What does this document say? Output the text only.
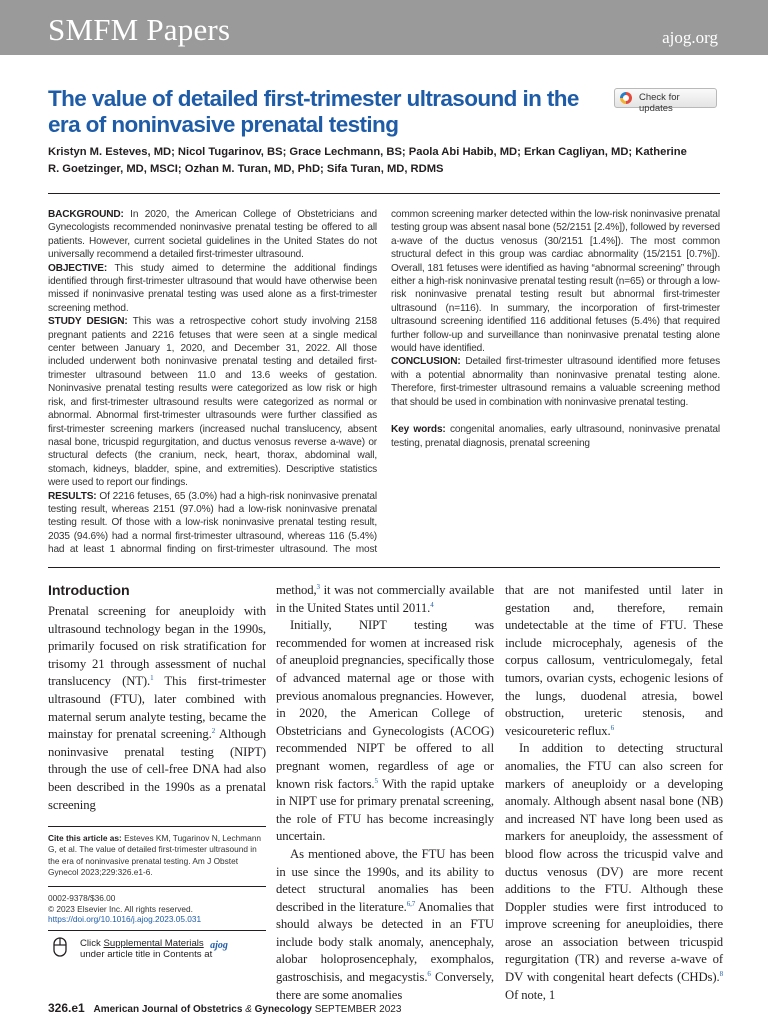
SMFM Papers	ajog.org
The value of detailed first-trimester ultrasound in the era of noninvasive prenatal testing
Check for updates

Kristyn M. Esteves, MD; Nicol Tugarinov, BS; Grace Lechmann, BS; Paola Abi Habib, MD; Erkan Cagliyan, MD; Katherine R. Goetzinger, MD, MSCI; Ozhan M. Turan, MD, PhD; Sifa Turan, MD, RDMS

BACKGROUND: In 2020, the American College of Obstetricians and Gynecologists recommended noninvasive prenatal testing be offered to all patients. However, current societal guidelines in the United States do not universally recommend a detailed first-trimester ultrasound.

OBJECTIVE: This study aimed to determine the additional findings identified through first-trimester ultrasound that would have otherwise been missed if noninvasive prenatal testing was used alone as a first-trimester screening method.

STUDY DESIGN: This was a retrospective cohort study involving 2158 pregnant patients and 2216 fetuses that were seen at a single medical center between January 1, 2020, and December 31, 2022. All those included underwent both noninvasive prenatal testing and detailed first-trimester ultrasound between 11.0 and 13.6 weeks of gestation. Noninvasive prenatal testing results were categorized as low risk or high risk, and first-trimester ultrasound results were categorized as normal or abnormal. Abnormal first-trimester ultrasounds were further classified as first-trimester screening markers (increased nuchal translucency, absent nasal bone, tricuspid regurgitation, and ductus venosus reverse a-wave) or structural defects (the cranium, neck, heart, thorax, abdominal wall, stomach, kidneys, bladder, spine, and extremities). Descriptive statistics were used to report our findings.

RESULTS: Of 2216 fetuses, 65 (3.0%) had a high-risk noninvasive prenatal testing result, whereas 2151 (97.0%) had a low-risk noninvasive prenatal testing result. Of those with a low-risk noninvasive prenatal testing result, 2035 (94.6%) had a normal first-trimester ultrasound, whereas 116 (5.4%) had at least 1 abnormal finding on first-trimester ultrasound. The most common screening marker detected within the low-risk noninvasive prenatal testing group was absent nasal bone (52/2151 [2.4%]), followed by reversed a-wave of the ductus venosus (30/2151 [1.4%]). The most common structural defect in this group was cardiac abnormality (15/2151 [0.7%]). Overall, 181 fetuses were identified as having “abnormal screening” through either a high-risk noninvasive prenatal testing result (n=65) or through a low-risk noninvasive prenatal testing result but abnormal first-trimester ultrasound (n=116). In summary, the incorporation of first-trimester ultrasound screening identified 116 additional fetuses (5.4%) that required further follow-up and surveillance than noninvasive prenatal testing alone would have identified.

CONCLUSION: Detailed first-trimester ultrasound identified more fetuses with a potential abnormality than noninvasive prenatal testing alone. Therefore, first-trimester ultrasound remains a valuable screening method that should be used in combination with noninvasive prenatal testing.

Key words: congenital anomalies, early ultrasound, noninvasive prenatal testing, prenatal diagnosis, prenatal screening

Introduction

Prenatal screening for aneuploidy with ultrasound technology began in the 1990s, primarily focused on risk stratification for trisomy 21 through assessment of nuchal translucency (NT).$^1$ This first-trimester ultrasound (FTU), later combined with maternal serum analyte testing, became the mainstay for prenatal screening.$^2$ Although noninvasive prenatal testing (NIPT) through the use of cell-free DNA had also been described in the 1990s as a prenatal screening

method,$^3$ it was not commercially available in the United States until 2011.$^4$

Initially, NIPT testing was recommended for women at increased risk of aneuploid pregnancies, specifically those of advanced maternal age or those with previous anomalous pregnancies. However, in 2020, the American College of Obstetricians and Gynecologists (ACOG) recommended NIPT be offered to all pregnant women, regardless of age or known risk factors.$^5$ With the rapid uptake in NIPT use for primary prenatal screening, the role of FTU has become increasingly uncertain.

As mentioned above, the FTU has been in use since the 1990s, and its ability to detect structural anomalies has been described in the literature.$^{6,7}$ Anomalies that should always be detected in an FTU include body stalk anomaly, anencephaly, alobar holoprosencephaly, exomphalos, gastroschisis, and megacystis.$^6$ Conversely, there are some anomalies

that are not manifested until later in gestation and, therefore, remain undetectable at the time of FTU. These include microcephaly, agenesis of the corpus callosum, ventriculomegaly, fetal tumors, ovarian cysts, echogenic lesions of the lungs, duodenal atresia, bowel obstruction, ureteric stenosis, and vesicoureteric reflux.$^6$

In addition to detecting structural anomalies, the FTU can also screen for markers of aneuploidy or a developing anomaly. Although absent nasal bone (NB) and increased NT have long been used as markers for aneuploidy, the assessment of blood flow across the tricuspid valve and ductus venosus (DV) are more recent additions to the FTU. Although these Doppler studies were first introduced to improve screening for aneuploidies, there arose an association between tricuspid regurgitation (TR) and reverse a-wave of DV with congenital heart defects (CHDs).$^8$ Of note, 1

Cite this article as: Esteves KM, Tugarinov N, Lechmann G, et al. The value of detailed first-trimester ultrasound in the era of noninvasive prenatal testing. Am J Obstet Gynecol 2023;229:326.e1-6.
0002-9378/$36.00
© 2023 Elsevier Inc. All rights reserved.
https://doi.org/10.1016/j.ajog.2023.05.031
Click Supplemental Materials
under article title in Contents at
ajog
326.e1 American Journal of Obstetrics & Gynecology SEPTEMBER 2023
